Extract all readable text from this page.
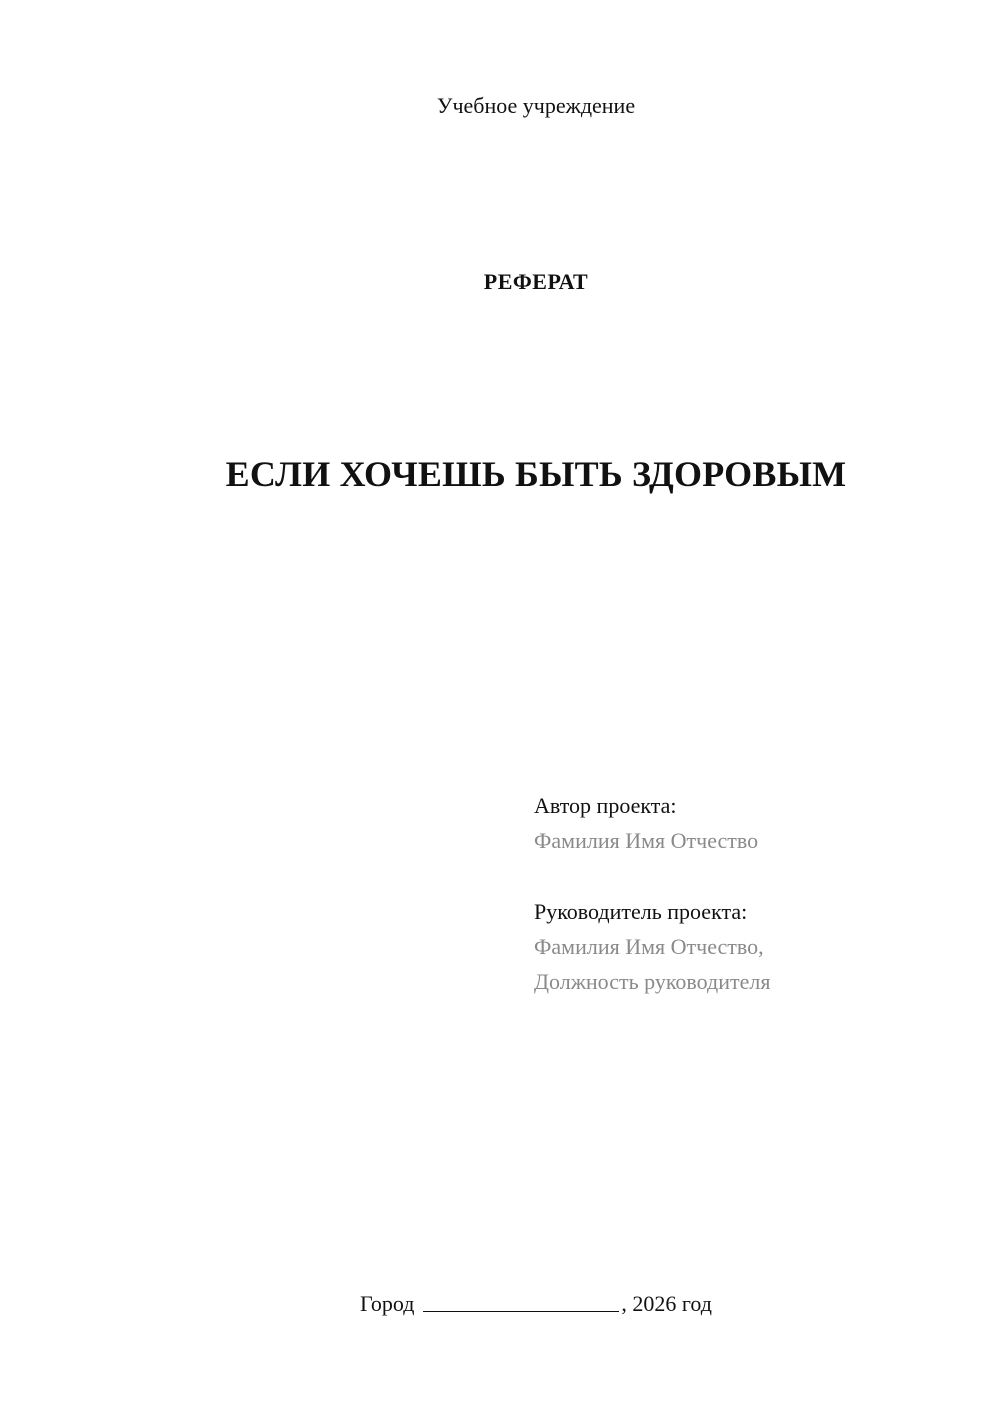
Учебное учреждение
РЕФЕРАТ
ЕСЛИ ХОЧЕШЬ БЫТЬ ЗДОРОВЫМ
Автор проекта:
Фамилия Имя Отчество
Руководитель проекта:
Фамилия Имя Отчество,
Должность руководителя
Город	, 2026 год
